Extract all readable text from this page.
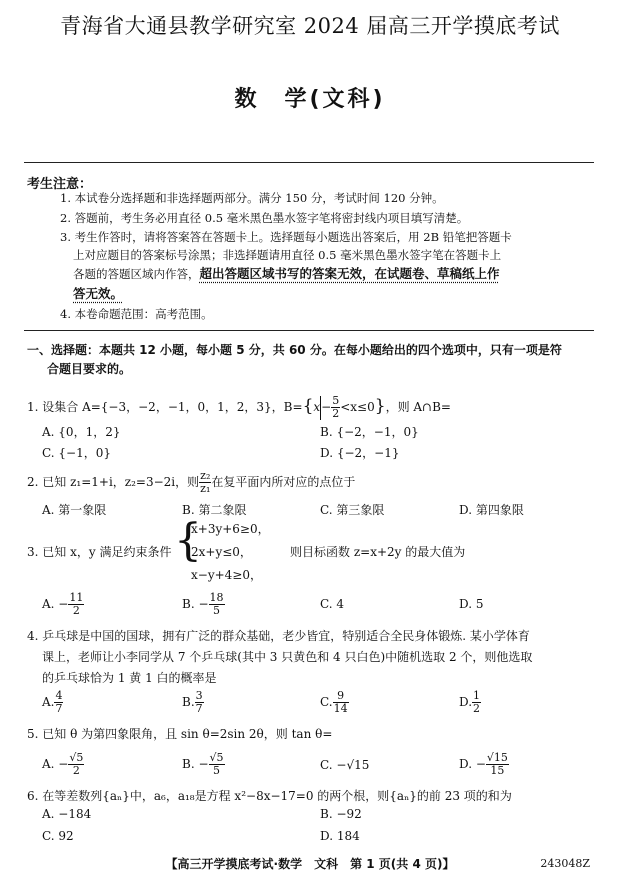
青海省大通县教学研究室 2024 届高三开学摸底考试
数　学(文科)
考生注意：
1. 本试卷分选择题和非选择题两部分。满分 150 分，考试时间 120 分钟。
2. 答题前，考生务必用直径 0.5 毫米黑色墨水签字笔将密封线内项目填写清楚。
3. 考生作答时，请将答案答在答题卡上。选择题每小题选出答案后，用 2B 铅笔把答题卡
上对应题目的答案标号涂黑；非选择题请用直径 0.5 毫米黑色墨水签字笔在答题卡上
各题的答题区域内作答，超出答题区域书写的答案无效，在试题卷、草稿纸上作
答无效。
4. 本卷命题范围：高考范围。
一、选择题：本题共 12 小题，每小题 5 分，共 60 分。在每小题给出的四个选项中，只有一项是符
合题目要求的。
1. 设集合 A={−3，−2，−1，0，1，2，3}，$B=\{x- \frac{5}{2} <x\le 0\}$，则 A∩B=
A. {0，1，2}	B. {−2，−1，0}
C. {−1，0}	D. {−2，−1}
2. 已知 z₁=1+i，z₂=3−2i，则 $\frac{\text{z₂}}{\text{z₁}}$ 在复平面内所对应的点位于
A. 第一象限	B. 第二象限	C. 第三象限	D. 第四象限
3. 已知 x，y 满足约束条件 {
x+3y+6≥0，
2x+y≤0，
x−y+4≥0，
则目标函数 z=x+2y 的最大值为
A. − $\frac{11}{2}$	B. − $\frac{18}{5}$	C. 4	D. 5
4. 乒乓球是中国的国球，拥有广泛的群众基础，老少皆宜，特别适合全民身体锻炼. 某小学体育
课上，老师让小李同学从 7 个乒乓球(其中 3 只黄色和 4 只白色)中随机选取 2 个，则他选取
的乒乓球恰为 1 黄 1 白的概率是
A. $\frac{4}{7}$	B. $\frac{3}{7}$	C. $\frac{9}{14}$	D. $\frac{1}{2}$
5. 已知 θ 为第四象限角，且 sin θ=2sin 2θ，则 tan θ=
A. − $\frac{√5}{2}$	B. − $\frac{√5}{5}$	C. −√15	D. − $\frac{√15}{15}$
6. 在等差数列{aₙ}中，a₆，a₁₈是方程 x²−8x−17=0 的两个根，则{aₙ}的前 23 项的和为
A. −184	B. −92
C. 92	D. 184
【高三开学摸底考试·数学　文科　第 1 页(共 4 页)】	243048Z
